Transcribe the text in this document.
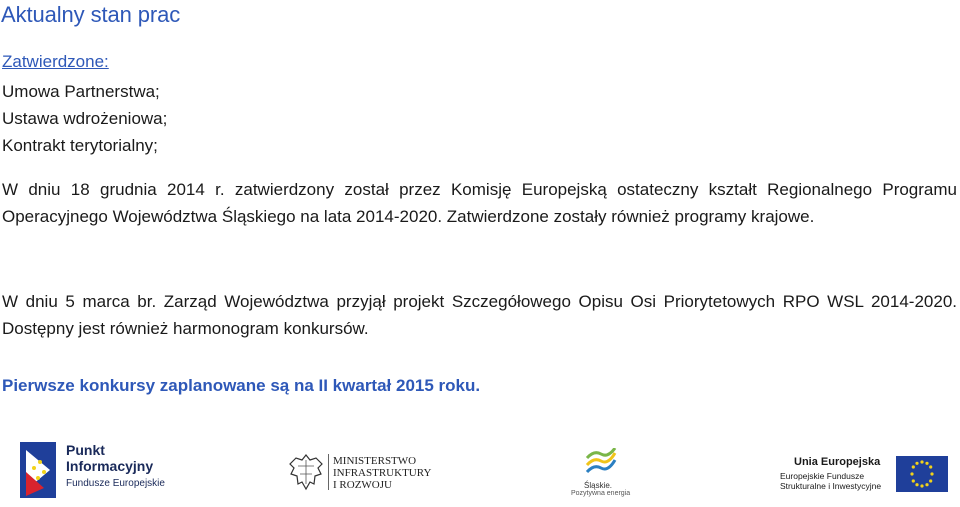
Aktualny stan prac
Zatwierdzone:
Umowa Partnerstwa;
Ustawa wdrożeniowa;
Kontrakt terytorialny;

W dniu 18 grudnia 2014 r. zatwierdzony został przez Komisję Europejską ostateczny kształt Regionalnego Programu Operacyjnego Województwa Śląskiego na lata 2014-2020. Zatwierdzone zostały również programy krajowe.

W dniu 5 marca br. Zarząd Województwa przyjął projekt Szczegółowego Opisu Osi Priorytetowych RPO WSL 2014-2020. Dostępny jest również harmonogram konkursów.

Pierwsze konkursy zaplanowane są na II kwartał 2015 roku.

Punkt
Informacyjny
Fundusze Europejskie
MINISTERSTWO
INFRASTRUKTURY
I ROZWOJU	Śląskie.
Pozytywna energia
Unia Europejska
Europejskie Fundusze
Strukturalne i Inwestycyjne
